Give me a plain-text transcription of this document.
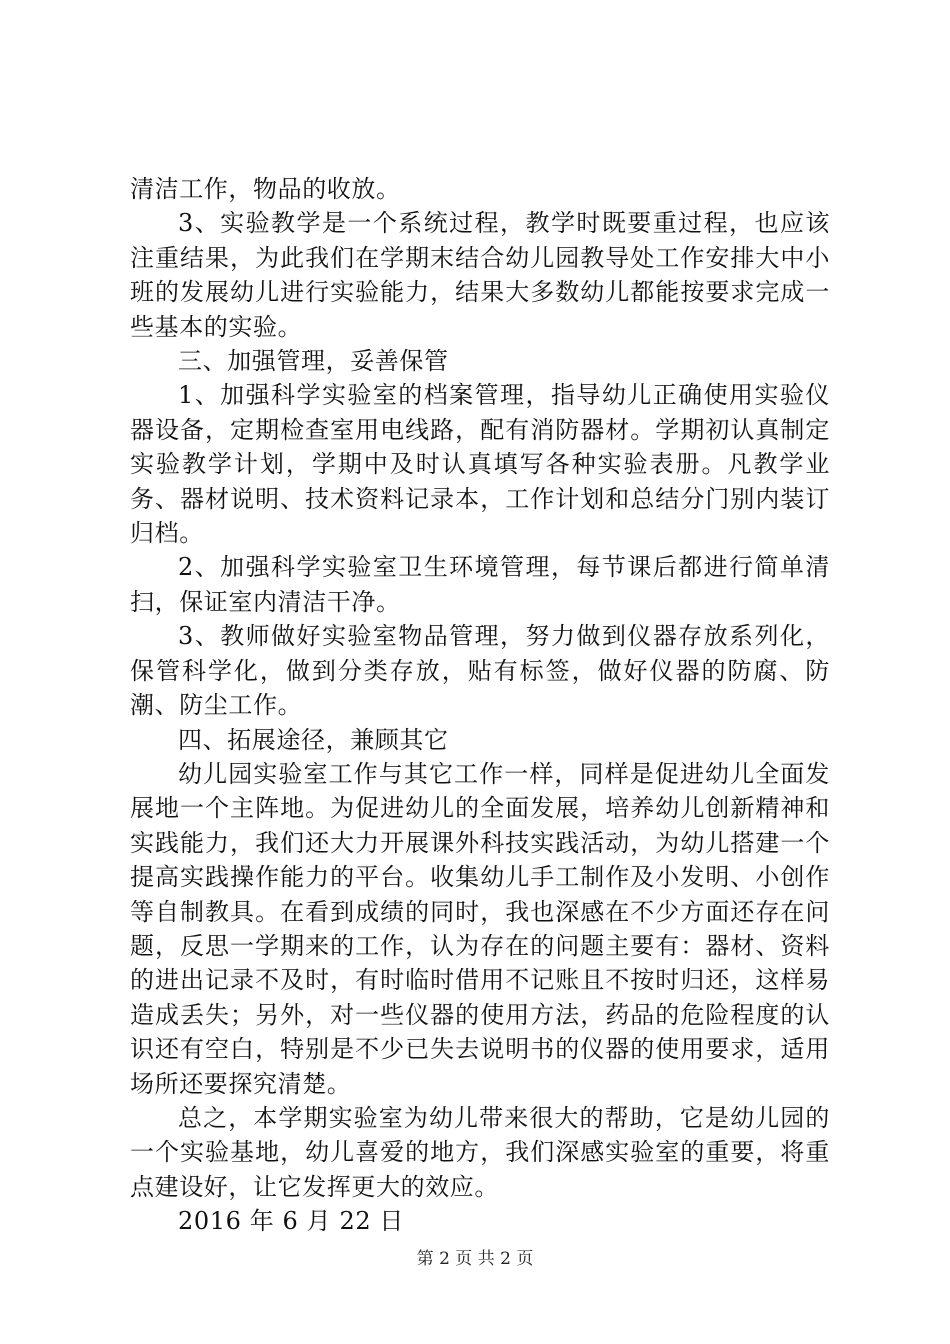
清洁工作，物品的收放。

3、实验教学是一个系统过程，教学时既要重过程，也应该注重结果，为此我们在学期末结合幼儿园教导处工作安排大中小班的发展幼儿进行实验能力，结果大多数幼儿都能按要求完成一些基本的实验。

三、加强管理，妥善保管

1、加强科学实验室的档案管理，指导幼儿正确使用实验仪器设备，定期检查室用电线路，配有消防器材。学期初认真制定实验教学计划，学期中及时认真填写各种实验表册。凡教学业务、器材说明、技术资料记录本，工作计划和总结分门别内装订归档。

2、加强科学实验室卫生环境管理，每节课后都进行简单清扫，保证室内清洁干净。

3、教师做好实验室物品管理，努力做到仪器存放系列化，保管科学化，做到分类存放，贴有标签，做好仪器的防腐、防潮、防尘工作。

四、拓展途径，兼顾其它

幼儿园实验室工作与其它工作一样，同样是促进幼儿全面发展地一个主阵地。为促进幼儿的全面发展，培养幼儿创新精神和实践能力，我们还大力开展课外科技实践活动，为幼儿搭建一个提高实践操作能力的平台。收集幼儿手工制作及小发明、小创作等自制教具。在看到成绩的同时，我也深感在不少方面还存在问题，反思一学期来的工作，认为存在的问题主要有：器材、资料的进出记录不及时，有时临时借用不记账且不按时归还，这样易造成丢失；另外，对一些仪器的使用方法，药品的危险程度的认识还有空白，特别是不少已失去说明书的仪器的使用要求，适用场所还要探究清楚。

总之，本学期实验室为幼儿带来很大的帮助，它是幼儿园的一个实验基地，幼儿喜爱的地方，我们深感实验室的重要，将重点建设好，让它发挥更大的效应。

2016 年 6 月 22 日

第 2 页 共 2 页
